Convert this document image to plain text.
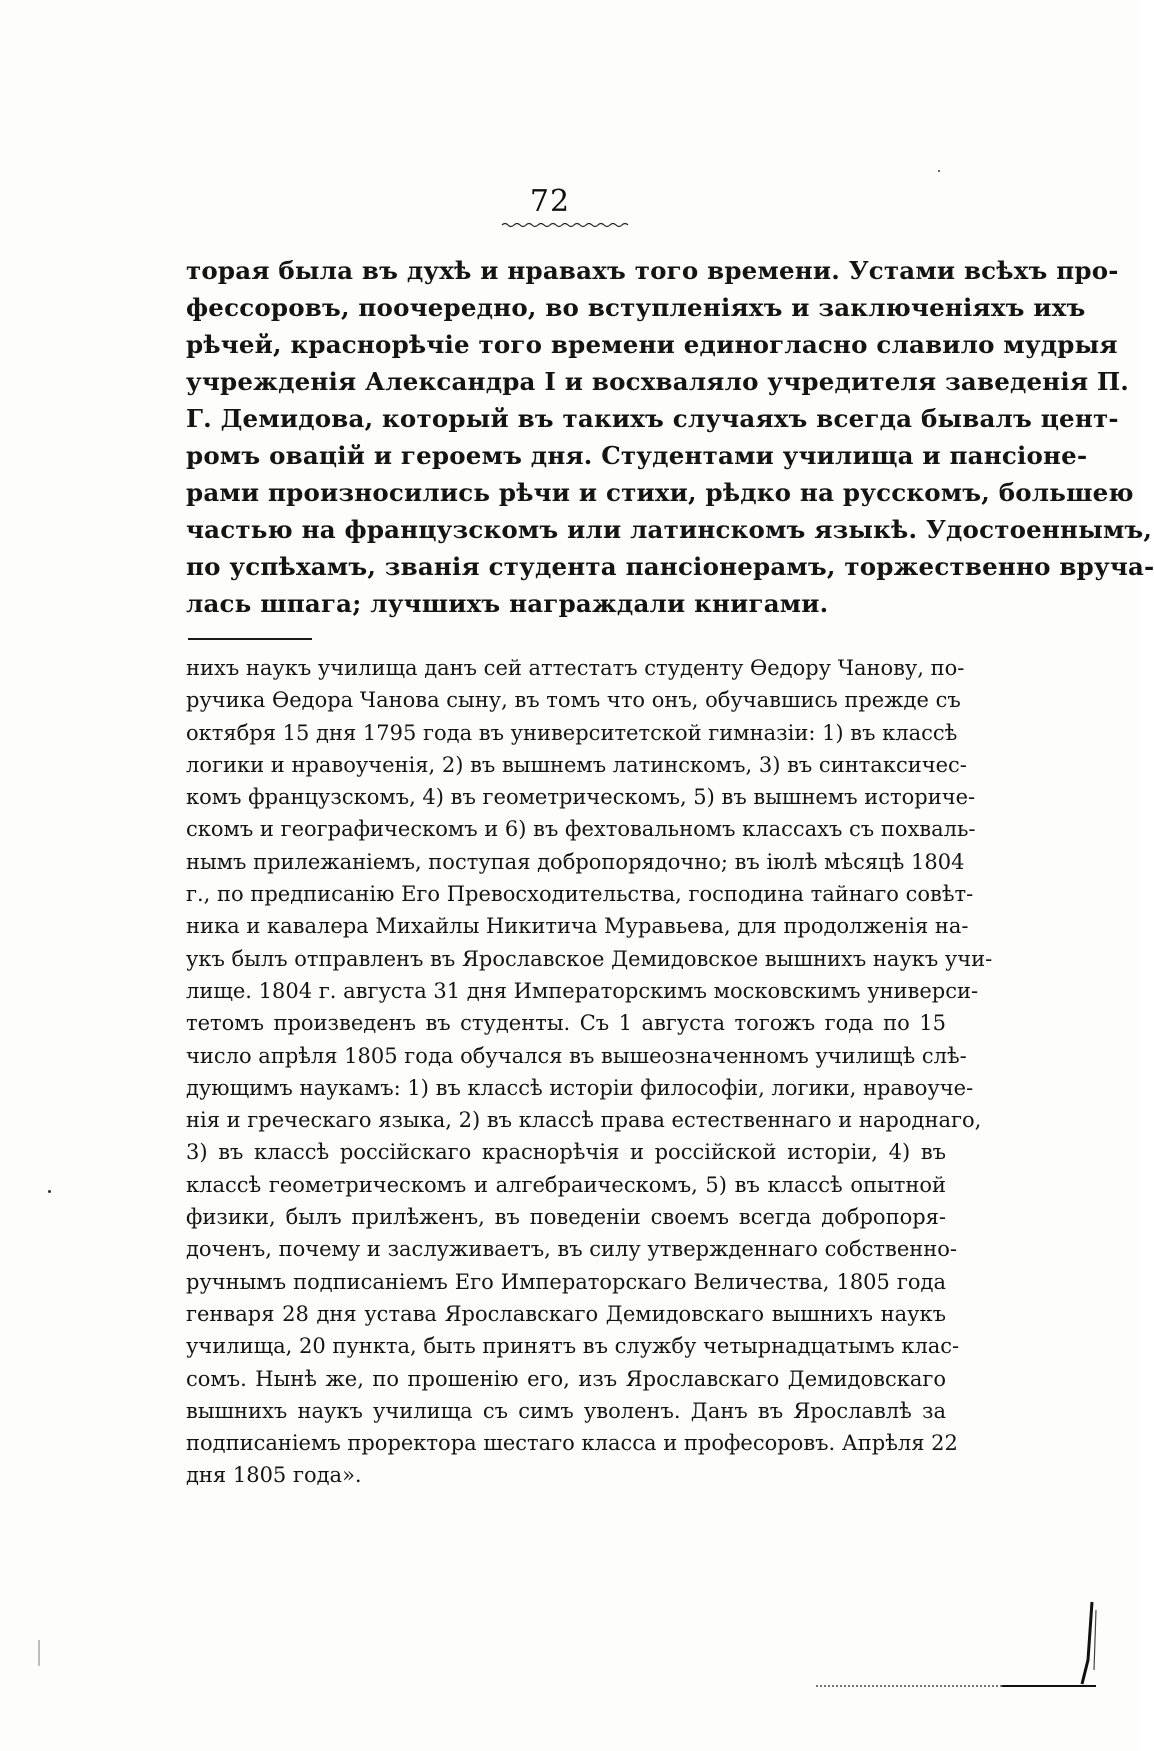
72
торая была въ духѣ и нравахъ того времени. Устами всѣхъ про-
фессоровъ, поочередно, во вступленіяхъ и заключеніяхъ ихъ
рѣчей, краснорѣчіе того времени единогласно славило мудрыя
учрежденія Александра I и восхваляло учредителя заведенія П.
Г. Демидова, который въ такихъ случаяхъ всегда бывалъ цент-
ромъ овацій и героемъ дня. Студентами училища и пансіоне-
рами произносились рѣчи и стихи, рѣдко на русскомъ, большею
частью на французскомъ или латинскомъ языкѣ. Удостоеннымъ,
по успѣхамъ, званія студента пансіонерамъ, торжественно вруча-
лась шпага; лучшихъ награждали книгами.
нихъ наукъ училища данъ сей аттестатъ студенту Өедору Чанову, по-
ручика Өедора Чанова сыну, въ томъ что онъ, обучавшись прежде съ
октября 15 дня 1795 года въ университетской гимназіи: 1) въ классѣ
логики и нравоученія, 2) въ вышнемъ латинскомъ, 3) въ синтаксичес-
комъ французскомъ, 4) въ геометрическомъ, 5) въ вышнемъ историче-
скомъ и географическомъ и 6) въ фехтовальномъ классахъ съ похваль-
нымъ прилежаніемъ, поступая добропорядочно; въ іюлѣ мѣсяцѣ 1804
г., по предписанію Его Превосходительства, господина тайнаго совѣт-
ника и кавалера Михайлы Никитича Муравьева, для продолженія на-
укъ былъ отправленъ въ Ярославское Демидовское вышнихъ наукъ учи-
лище. 1804 г. августа 31 дня Императорскимъ московскимъ универси-
тетомъ произведенъ въ студенты. Съ 1 августа тогожъ года по 15
число апрѣля 1805 года обучался въ вышеозначенномъ училищѣ слѣ-
дующимъ наукамъ: 1) въ классѣ исторіи философіи, логики, нравоуче-
нія и греческаго языка, 2) въ классѣ права естественнаго и народнаго,
3) въ классѣ россійскаго краснорѣчія и россійской исторіи, 4) въ
классѣ геометрическомъ и алгебраическомъ, 5) въ классѣ опытной
физики, былъ прилѣженъ, въ поведеніи своемъ всегда добропоря-
доченъ, почему и заслуживаетъ, въ силу утвержденнаго собственно-
ручнымъ подписаніемъ Его Императорскаго Величества, 1805 года
генваря 28 дня устава Ярославскаго Демидовскаго вышнихъ наукъ
училища, 20 пункта, быть принятъ въ службу четырнадцатымъ клас-
сомъ. Нынѣ же, по прошенію его, изъ Ярославскаго Демидовскаго
вышнихъ наукъ училища съ симъ уволенъ. Данъ въ Ярославлѣ за
подписаніемъ проректора шестаго класса и професоровъ. Апрѣля 22
дня 1805 года».
